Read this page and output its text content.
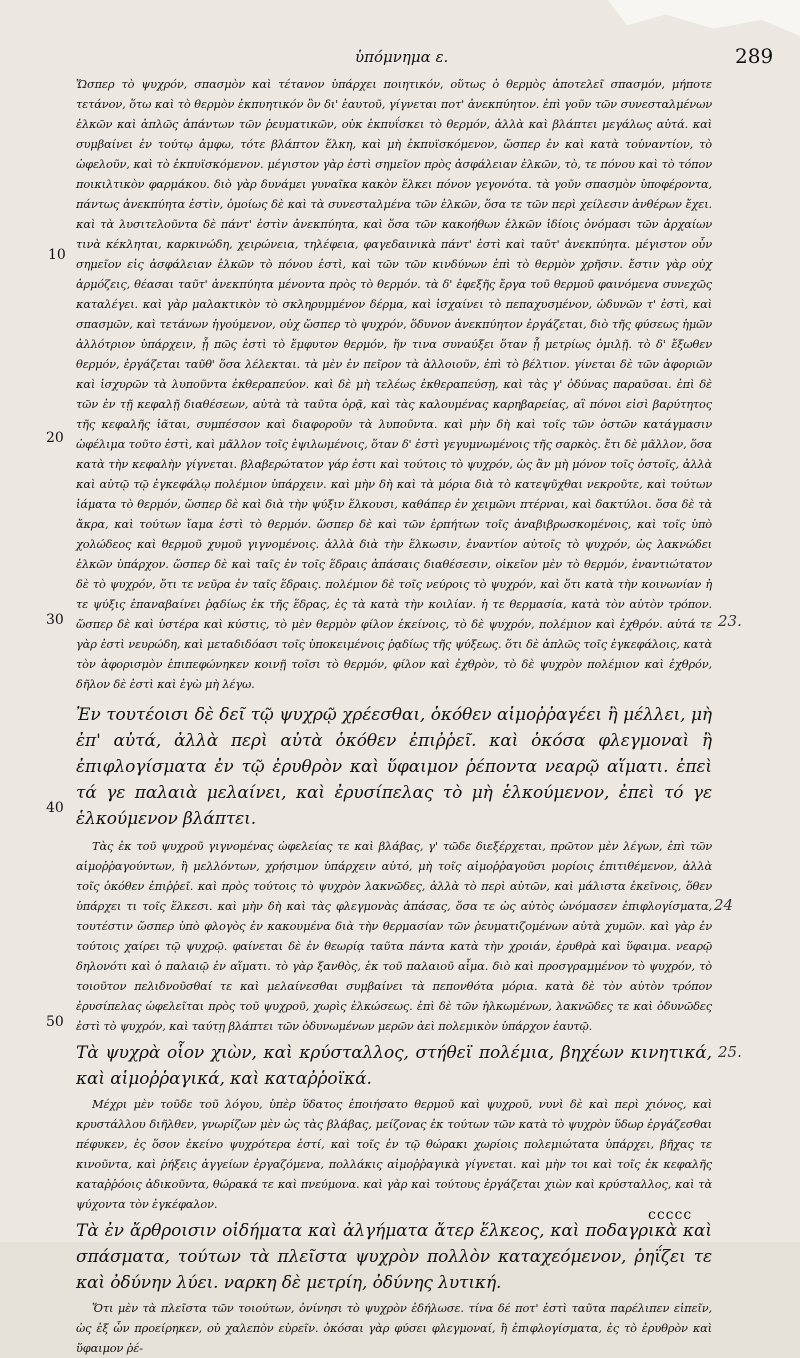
ὑπόμνημα ε.	289
10
20
30
40
50
23.
24
25.

Ὥσπερ τὸ ψυχρόν, σπασμὸν καὶ τέτανον ὑπάρχει ποιητικόν, οὕτως ὁ θερμὸς ἀποτελεῖ σπασμόν, μήποτε τετάνον, ὅτω καὶ τὸ θερμὸν ἐκπυητικόν ὂν δι' ἑαυτοῦ, γίγνεται ποτ' ἀνεκπύητον. ἐπὶ γοῦν τῶν συνεσταλμένων ἑλκῶν καὶ ἁπλῶς ἁπάντων τῶν ῥευματικῶν, οὐκ ἐκπυΐσκει τὸ θερμόν, ἀλλὰ καὶ βλάπτει μεγάλως αὐτά. καὶ συμβαίνει ἐν τούτῳ ἀμφω, τότε βλάπτον ἕλκη, καὶ μὴ ἐκπυϊσκόμενον, ὥσπερ ἐν καὶ κατὰ τοὐναντίον, τὸ ὠφελοῦν, καὶ τὸ ἐκπυϊσκόμενον. μέγιστον γὰρ ἐστὶ σημεῖον πρὸς ἀσφάλειαν ἑλκῶν, τὸ, τε πόνου καὶ τὸ τόπον ποικιλτικὸν φαρμάκου. διὸ γὰρ δυνάμει γυναῖκα κακὸν ἕλκει πόνον γεγονότα. τὰ γοῦν σπασμὸν ὑποφέροντα, πάντως ἀνεκπύητα ἐστὶν, ὁμοίως δὲ καὶ τὰ συνεσταλμένα τῶν ἑλκῶν, ὅσα τε τῶν περὶ χείλεσιν ἀνθέρων ἔχει. καὶ τὰ λυσιτελοῦντα δὲ πάντ' ἐστὶν ἀνεκπύητα, καὶ ὅσα τῶν κακοήθων ἑλκῶν ἰδίοις ὀνόμασι τῶν ἀρχαίων τινὰ κέκληται, καρκινώδη, χειρώνεια, τηλέφεια, φαγεδαινικὰ πάντ' ἐστὶ καὶ ταῦτ' ἀνεκπύητα. μέγιστον οὖν σημεῖον εἰς ἀσφάλειαν ἑλκῶν τὸ πόνου ἐστὶ, καὶ τῶν τῶν κινδύνων ἐπὶ τὸ θερμὸν χρῆσιν. ἔστιν γὰρ οὐχ ἁρμόζεις, θέασαι ταῦτ' ἀνεκπύητα μένοντα πρὸς τὸ θερμόν. τὰ δ' ἐφεξῆς ἔργα τοῦ θερμοῦ φαινόμενα συνεχῶς καταλέγει. καὶ γὰρ μαλακτικὸν τὸ σκληρυμμένον δέρμα, καὶ ἰσχαίνει τὸ πεπαχυσμένον, ὠδυνῶν τ' ἐστὶ, καὶ σπασμῶν, καὶ τετάνων ἡγούμενον, οὐχ ὥσπερ τὸ ψυχρόν, ὅδυνον ἀνεκπύητον ἐργάζεται, διὸ τῆς φύσεως ἡμῶν ἀλλότριον ὑπάρχειν, ᾗ πῶς ἐστὶ τὸ ἔμφυτον θερμόν, ἥν τινα συναύξει ὅταν ᾖ μετρίως ὁμιλῇ. τὸ δ' ἔξωθεν θερμόν, ἐργάζεται ταῦθ' ὅσα λέλεκται. τὰ μὲν ἐν πεῖρον τὰ ἀλλοιοῦν, ἐπὶ τὸ βέλτιον. γίνεται δὲ τῶν ἀφοριῶν καὶ ἰσχυρῶν τὰ λυποῦντα ἐκθεραπεύον. καὶ δὲ μὴ τελέως ἐκθεραπεύσῃ, καὶ τὰς γ' ὀδύνας παραῦσαι. ἐπὶ δὲ τῶν ἐν τῇ κεφαλῇ διαθέσεων, αὐτὰ τὰ ταῦτα ὁρᾷ, καὶ τὰς καλουμένας καρηβαρείας, αἳ πόνοι εἰσὶ βαρύτητος τῆς κεφαλῆς ἰᾶται, συμπέσσον καὶ διαφοροῦν τὰ λυποῦντα. καὶ μὴν δὴ καὶ τοῖς τῶν ὀστῶν κατάγμασιν ὠφέλιμα τοῦτο ἐστὶ, καὶ μᾶλλον τοῖς ἐψιλωμένοις, ὅταν δ' ἐστὶ γεγυμνωμένοις τῆς σαρκὸς. ἔτι δὲ μᾶλλον, ὅσα κατὰ τὴν κεφαλὴν γίγνεται. βλαβερώτατον γάρ ἐστι καὶ τούτοις τὸ ψυχρόν, ὡς ἂν μὴ μόνον τοῖς ὀστοῖς, ἀλλὰ καὶ αὐτῷ τῷ ἐγκεφάλῳ πολέμιον ὑπάρχειν. καὶ μὴν δὴ καὶ τὰ μόρια διὰ τὸ κατεψῦχθαι νεκροῦτε, καὶ τούτων ἰάματα τὸ θερμόν, ὥσπερ δὲ καὶ διὰ τὴν ψύξιν ἕλκουσι, καθάπερ ἐν χειμῶνι πτέρναι, καὶ δακτύλοι. ὅσα δὲ τὰ ἄκρα, καὶ τούτων ἴαμα ἐστὶ τὸ θερμόν. ὥσπερ δὲ καὶ τῶν ἐρπήτων τοῖς ἀναβιβρωσκομένοις, καὶ τοῖς ὑπὸ χολώδεος καὶ θερμοῦ χυμοῦ γιγνομένοις. ἀλλὰ διὰ τὴν ἕλκωσιν, ἐναντίον αὐτοῖς τὸ ψυχρόν, ὡς λακνώδει ἑλκῶν ὑπάρχον. ὥσπερ δὲ καὶ ταῖς ἐν τοῖς ἕδραις ἁπάσαις διαθέσεσιν, οἰκεῖον μὲν τὸ θερμόν, ἐναντιώτατον δὲ τὸ ψυχρόν, ὅτι τε νεῦρα ἐν ταῖς ἕδραις. πολέμιον δὲ τοῖς νεύροις τὸ ψυχρόν, καὶ ὅτι κατὰ τὴν κοινωνίαν ἡ τε ψύξις ἐπαναβαίνει ῥᾳδίως ἐκ τῆς ἕδρας, ἐς τὰ κατὰ τὴν κοιλίαν. ἡ τε θερμασία, κατὰ τὸν αὐτὸν τρόπον. ὥσπερ δὲ καὶ ὑστέρα καὶ κύστις, τὸ μὲν θερμὸν φίλον ἐκείνοις, τὸ δὲ ψυχρόν, πολέμιον καὶ ἐχθρόν. αὐτά τε γὰρ ἐστὶ νευρώδη, καὶ μεταδιδόασι τοῖς ὑποκειμένοις ῥᾳδίως τῆς ψύξεως. ὅτι δὲ ἁπλῶς τοῖς ἐγκεφάλοις, κατὰ τὸν ἀφορισμὸν ἐπιπεφώνηκεν κοινῇ τοῖσι τὸ θερμόν, φίλον καὶ ἐχθρὸν, τὸ δὲ ψυχρὸν πολέμιον καὶ ἐχθρόν, δῆλον δὲ ἐστὶ καὶ ἐγὼ μὴ λέγω.

Ἐν τουτέοισι δὲ δεῖ τῷ ψυχρῷ χρέεσθαι, ὁκόθεν αἱμοῤῥαγέει ἢ μέλλει, μὴ ἐπ' αὐτά, ἀλλὰ περὶ αὐτὰ ὁκόθεν ἐπιῤῥεῖ. καὶ ὁκόσα φλεγμοναὶ ἢ ἐπιφλογίσματα ἐν τῷ ἐρυθρὸν καὶ ὕφαιμον ῥέποντα νεαρῷ αἵματι. ἐπεὶ τά γε παλαιὰ μελαίνει, καὶ ἐρυσίπελας τὸ μὴ ἑλκούμενον, ἐπεὶ τό γε ἑλκούμενον βλάπτει.

Τὰς ἐκ τοῦ ψυχροῦ γιγνομένας ὠφελείας τε καὶ βλάβας, γ' τῶδε διεξέρχεται, πρῶτον μὲν λέγων, ἐπὶ τῶν αἱμοῤῥαγούντων, ἢ μελλόντων, χρήσιμον ὑπάρχειν αὐτό, μὴ τοῖς αἱμοῤῥαγοῦσι μορίοις ἐπιτιθέμενον, ἀλλὰ τοῖς ὁκόθεν ἐπιῤῥεῖ. καὶ πρὸς τούτοις τὸ ψυχρὸν λακνῶδες, ἀλλὰ τὸ περὶ αὐτῶν, καὶ μάλιστα ἐκεῖνοις, ὅθεν ὑπάρχει τι τοῖς ἕλκεσι. καὶ μὴν δὴ καὶ τὰς φλεγμονὰς ἁπάσας, ὅσα τε ὡς αὐτὸς ὠνόμασεν ἐπιφλογίσματα, τουτέστιν ὥσπερ ὑπὸ φλογὸς ἐν κακουμένα διὰ τὴν θερμασίαν τῶν ῥευματιζομένων αὐτὰ χυμῶν. καὶ γὰρ ἐν τούτοις χαίρει τῷ ψυχρῷ. φαίνεται δὲ ἐν θεωρίᾳ ταῦτα πάντα κατὰ τὴν χροιάν, ἐρυθρὰ καὶ ὕφαιμα. νεαρῷ δηλονότι καὶ ὁ παλαιῷ ἐν αἵματι. τὸ γὰρ ξανθὸς, ἐκ τοῦ παλαιοῦ αἷμα. διὸ καὶ προσγραμμένον τὸ ψυχρόν, τὸ τοιοῦτον πελιδνοῦσθαί τε καὶ μελαίνεσθαι συμβαίνει τὰ πεπονθότα μόρια. κατὰ δὲ τὸν αὐτὸν τρόπον ἐρυσίπελας ὠφελεῖται πρὸς τοῦ ψυχροῦ, χωρὶς ἑλκώσεως. ἐπὶ δὲ τῶν ἡλκωμένων, λακνῶδες τε καὶ ὀδυνῶδες ἐστὶ τὸ ψυχρόν, καὶ ταύτῃ βλάπτει τῶν ὀδυνωμένων μερῶν ἀεὶ πολεμικὸν ὑπάρχον ἑαυτῷ.

Τὰ ψυχρὰ οἷον χιὼν, καὶ κρύσταλλος, στήθεϊ πολέμια, βηχέων κινητικά, καὶ αἱμοῤῥαγικά, καὶ καταῤῥοϊκά.

Μέχρι μὲν τοῦδε τοῦ λόγου, ὑπὲρ ὕδατος ἐποιήσατο θερμοῦ καὶ ψυχροῦ, νυνὶ δὲ καὶ περὶ χιόνος, καὶ κρυστάλλου διῆλθεν, γνωρίζων μὲν ὡς τὰς βλάβας, μείζονας ἐκ τούτων τῶν κατὰ τὸ ψυχρὸν ὕδωρ ἐργάζεσθαι πέφυκεν, ἐς ὅσον ἐκείνο ψυχρότερα ἐστί, καὶ τοῖς ἐν τῷ θώρακι χωρίοις πολεμιώτατα ὑπάρχει, βῆχας τε κινοῦντα, καὶ ῥήξεις ἀγγείων ἐργαζόμενα, πολλάκις αἱμοῤῥαγικὰ γίγνεται. καὶ μὴν τοι καὶ τοῖς ἐκ κεφαλῆς καταῤῥόοις ἀδικοῦντα, θώρακά τε καὶ πνεύμονα. καὶ γὰρ καὶ τούτους ἐργάζεται χιὼν καὶ κρύσταλλος, καὶ τὰ ψύχοντα τὸν ἐγκέφαλον.

Τὰ ἐν ἄρθροισιν οἰδήματα καὶ ἀλγήματα ἄτερ ἕλκεος, καὶ ποδαγρικὰ καὶ σπάσματα, τούτων τὰ πλεῖστα ψυχρὸν πολλὸν καταχεόμενον, ῥηΐζει τε καὶ ὀδύνην λύει. ναρκη δὲ μετρίη, ὀδύνης λυτική.

Ὅτι μὲν τὰ πλεῖστα τῶν τοιούτων, ὀνίνησι τὸ ψυχρὸν ἐδήλωσε. τίνα δέ ποτ' ἐστὶ ταῦτα παρέλιπεν εἰπεῖν, ὡς ἐξ ὧν προείρηκεν, οὐ χαλεπὸν εὑρεῖν. ὁκόσαι γὰρ φύσει φλεγμοναί, ἢ ἐπιφλογίσματα, ἐς τὸ ἐρυθρὸν καὶ ὕφαιμον ῥέ-

ccccc
